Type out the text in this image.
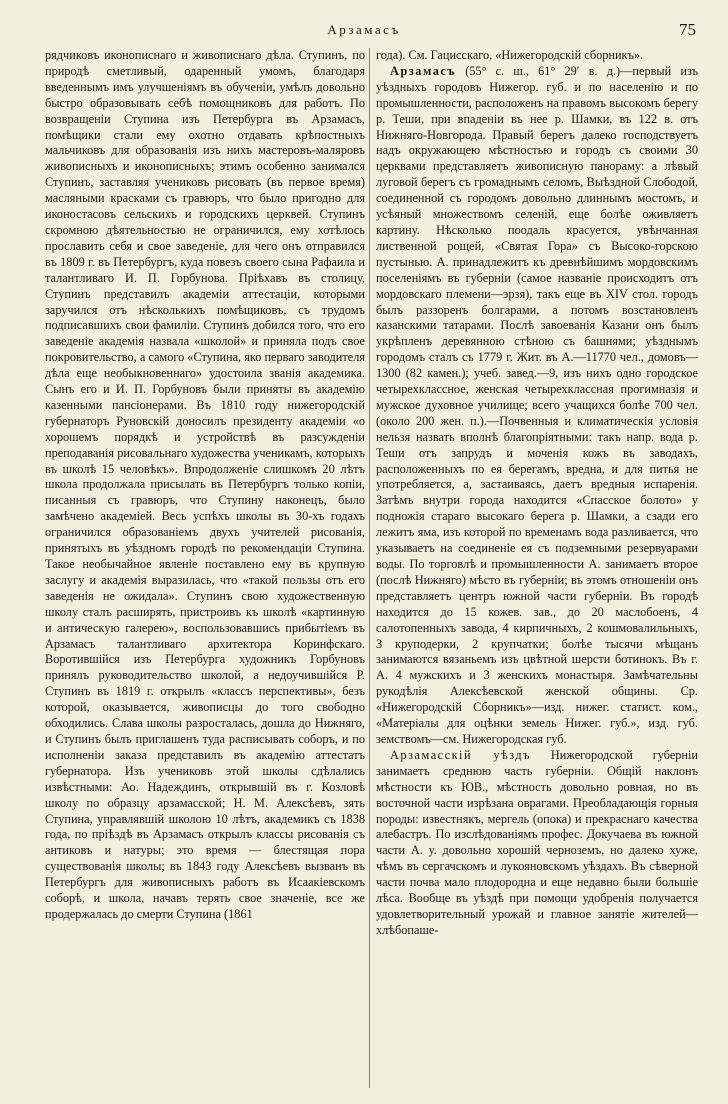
Арзамасъ	75

рядчиковъ иконописнаго и живописнаго дѣла. Ступинъ, по природѣ сметливый, одаренный умомъ, благодаря введеннымъ имъ улучшеніямъ въ обученіи, умѣлъ довольно быстро образовывать себѣ помощниковъ для работъ. По возвращеніи Ступина изъ Петербурга въ Арзамасъ, помѣщики стали ему охотно отдавать крѣпостныхъ мальчиковъ для образованія изъ нихъ мастеровъ-маляровъ живописныхъ и иконописныхъ; этимъ особенно занимался Ступинъ, заставляя учениковъ рисовать (въ первое время) масляными красками съ гравюръ, что было пригодно для иконостасовъ сельскихъ и городскихъ церквей. Ступинъ скромною дѣятельностью не ограничился, ему хотѣлось прославить себя и свое заведеніе, для чего онъ отправился въ 1809 г. въ Петербургъ, куда повезъ своего сына Рафаила и талантливаго И. П. Горбунова. Пріѣхавъ въ столицу, Ступинъ представилъ академіи аттестаціи, которыми заручился отъ нѣсколькихъ помѣщиковъ, съ трудомъ подписавшихъ свои фамиліи. Ступинъ добился того, что его заведеніе академія назвала «школой» и приняла подъ свое покровительство, а самого «Ступина, яко перваго заводителя дѣла еще необыкновеннаго» удостоила званія академика. Сынъ его и И. П. Горбуновъ были приняты въ академію казенными пансіонерами. Въ 1810 году нижегородскій губернаторъ Руновскій доносилъ президенту академіи «о хорошемъ порядкѣ и устройствѣ въ разсужденіи преподаванія рисовальнаго художества ученикамъ, которыхъ въ школѣ 15 человѣкъ». Впродолженіе слишкомъ 20 лѣтъ школа продолжала присылать въ Петербургъ только копіи, писанныя съ гравюръ, что Ступину наконецъ, было замѣчено академіей. Весь успѣхъ школы въ 30-хъ годахъ ограничился образованіемъ двухъ учителей рисованія, принятыхъ въ уѣздномъ городѣ по рекомендаціи Ступина. Такое необычайное явленіе поставлено ему въ крупную заслугу и академія выразилась, что «такой пользы отъ его заведенія не ожидала». Ступинъ свою художественную школу сталъ расширять, пристроивъ къ школѣ «картинную и антическую галерею», воспользовавшись прибытіемъ въ Арзамасъ талантливаго архитектора Коринфскаго. Воротившійся изъ Петербурга художникъ Горбуновъ принялъ руководительство школой, а недоучившійся Р. Ступинъ въ 1819 г. открылъ «классъ перспективы», безъ которой, оказывается, живописцы до того свободно обходились. Слава школы разросталась, дошла до Нижняго, и Ступинъ былъ приглашенъ туда расписывать соборъ, и по исполненіи заказа представилъ въ академію аттестатъ губернатора. Изъ учениковъ этой школы сдѣлались извѣстными: Ао. Надеждинъ, открывшій въ г. Козловѣ школу по образцу арзамасской; Н. М. Алексѣевъ, зять Ступина, управлявшій школою 10 лѣтъ, академикъ съ 1838 года, по пріѣздѣ въ Арзамасъ открылъ классы рисованія съ антиковъ и натуры; это время — блестящая пора существованія школы; въ 1843 году Алексѣевъ вызванъ въ Петербургъ для живописныхъ работъ въ Исаакіевскомъ соборѣ, и школа, начавъ терять свое значеніе, все же продержалась до смерти Ступина (1861

года). См. Гацисскаго, «Нижегородскій сборникъ».

Арзамасъ (55° с. ш., 61° 29′ в. д.)—первый изъ уѣздныхъ городовъ Нижегор. губ. и по населенію и по промышленности, расположенъ на правомъ высокомъ берегу р. Теши, при впаденіи въ нее р. Шамки, въ 122 в. отъ Нижняго-Новгорода. Правый берегъ далеко господствуетъ надъ окружающею мѣстностью и городъ съ своими 30 церквами представляетъ живописную панораму: а лѣвый луговой берегъ съ громаднымъ селомъ, Выѣздной Слободой, соединенной съ городомъ довольно длиннымъ мостомъ, и усѣяный множествомъ селеній, еще болѣе оживляетъ картину. Нѣсколько поодаль красуется, увѣнчанная лиственной рощей, «Святая Гора» съ Высоко-горскою пустынью. А. принадлежитъ къ древнѣйшимъ мордовскимъ поселеніямъ въ губерніи (самое названіе происходитъ отъ мордовскаго племени—эрзя), такъ еще въ XIV стол. городъ былъ раззоренъ болгарами, а потомъ возстановленъ казанскими татарами. Послѣ завоеванія Казани онъ былъ укрѣпленъ деревянною стѣною съ башнями; уѣзднымъ городомъ сталъ съ 1779 г. Жит. въ А.—11770 чел., домовъ—1300 (82 камен.); учеб. завед.—9, изъ нихъ одно городское четырехклассное, женская четырехклассная прогимназія и мужское духовное училище; всего учащихся болѣе 700 чел. (около 200 жен. п.).—Почвенныя и климатическія условія нельзя назвать вполнѣ благопріятными: такъ напр. вода р. Теши отъ запрудъ и моченія кожъ въ заводахъ, расположенныхъ по ея берегамъ, вредна, и для питья не употребляется, а, застаиваясь, даетъ вредныя испаренія. Затѣмъ внутри города находится «Спасское болото» у подножія стараго высокаго берега р. Шамки, а сзади его лежитъ яма, изъ которой по временамъ вода разливается, что указываетъ на соединеніе ея съ подземными резервуарами воды. По торговлѣ и промышленности А. занимаетъ второе (послѣ Нижняго) мѣсто въ губерніи; въ этомъ отношеніи онъ представляетъ центръ южной части губерніи. Въ городѣ находится до 15 кожев. зав., до 20 маслобоенъ, 4 салотопенныхъ завода, 4 кирпичныхъ, 2 кошмовалильныхъ, 3 круподерки, 2 крупчатки; болѣе тысячи мѣщанъ занимаются вязаньемъ изъ цвѣтной шерсти ботинокъ. Въ г. А. 4 мужскихъ и 3 женскихъ монастыря. Замѣчательны рукодѣлія Алексѣевской женской общины. Ср. «Нижегородскій Сборникъ»—изд. нижег. статист. ком., «Матеріалы для оцѣнки земель Нижег. губ.», изд. губ. земствомъ—см. Нижегородская губ.

Арзамасскій уѣздъ Нижегородской губерніи занимаетъ среднюю часть губерніи. Общій наклонъ мѣстности къ ЮВ., мѣстность довольно ровная, но въ восточной части изрѣзана оврагами. Преобладающія горныя породы: известнякъ, мергель (опока) и прекраснаго качества алебастръ. По изслѣдованіямъ профес. Докучаева въ южной части А. у. довольно хорошій черноземъ, но далеко хуже, чѣмъ въ сергачскомъ и лукояновскомъ уѣздахъ. Въ сѣверной части почва мало плодородна и еще недавно были большіе лѣса. Вообще въ уѣздѣ при помощи удобренія получается удовлетворительный урожай и главное занятіе жителей—хлѣбопаше-
